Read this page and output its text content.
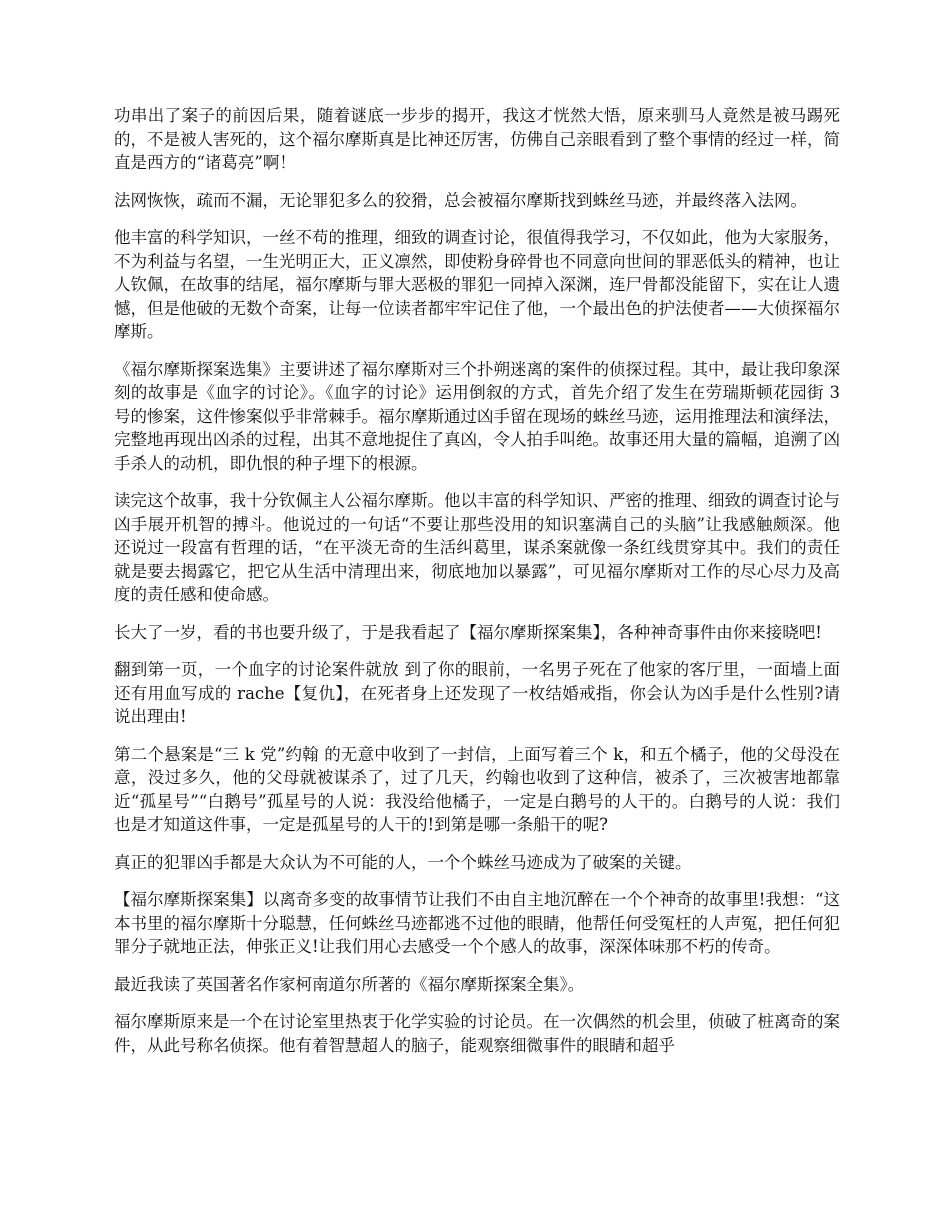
功串出了案子的前因后果，随着谜底一步步的揭开，我这才恍然大悟，原来驯马人竟然是被马踢死的，不是被人害死的，这个福尔摩斯真是比神还厉害，仿佛自己亲眼看到了整个事情的经过一样，简直是西方的“诸葛亮”啊！

法网恢恢，疏而不漏，无论罪犯多么的狡猾，总会被福尔摩斯找到蛛丝马迹，并最终落入法网。

他丰富的科学知识，一丝不苟的推理，细致的调查讨论，很值得我学习，不仅如此，他为大家服务，不为利益与名望，一生光明正大，正义凛然，即使粉身碎骨也不同意向世间的罪恶低头的精神，也让人钦佩，在故事的结尾，福尔摩斯与罪大恶极的罪犯一同掉入深渊，连尸骨都没能留下，实在让人遗憾，但是他破的无数个奇案，让每一位读者都牢牢记住了他，一个最出色的护法使者——大侦探福尔摩斯。

《福尔摩斯探案选集》主要讲述了福尔摩斯对三个扑朔迷离的案件的侦探过程。其中，最让我印象深刻的故事是《血字的讨论》。《血字的讨论》运用倒叙的方式，首先介绍了发生在劳瑞斯顿花园街 3 号的惨案，这件惨案似乎非常棘手。福尔摩斯通过凶手留在现场的蛛丝马迹，运用推理法和演绎法，完整地再现出凶杀的过程，出其不意地捉住了真凶，令人拍手叫绝。故事还用大量的篇幅，追溯了凶手杀人的动机，即仇恨的种子埋下的根源。

读完这个故事，我十分钦佩主人公福尔摩斯。他以丰富的科学知识、严密的推理、细致的调查讨论与凶手展开机智的搏斗。他说过的一句话“不要让那些没用的知识塞满自己的头脑”让我感触颇深。他还说过一段富有哲理的话，“在平淡无奇的生活纠葛里，谋杀案就像一条红线贯穿其中。我们的责任就是要去揭露它，把它从生活中清理出来，彻底地加以暴露”，可见福尔摩斯对工作的尽心尽力及高度的责任感和使命感。

长大了一岁，看的书也要升级了，于是我看起了【福尔摩斯探案集】，各种神奇事件由你来接晓吧!

翻到第一页，一个血字的讨论案件就放 到了你的眼前，一名男子死在了他家的客厅里，一面墙上面还有用血写成的 rache【复仇】，在死者身上还发现了一枚结婚戒指，你会认为凶手是什么性别?请说出理由!

第二个悬案是“三 k 党”约翰 的无意中收到了一封信，上面写着三个 k，和五个橘子，他的父母没在意，没过多久，他的父母就被谋杀了，过了几天，约翰也收到了这种信，被杀了，三次被害地都靠近“孤星号”“白鹅号”孤星号的人说：我没给他橘子，一定是白鹅号的人干的。白鹅号的人说：我们也是才知道这件事，一定是孤星号的人干的!到第是哪一条船干的呢?

真正的犯罪凶手都是大众认为不可能的人，一个个蛛丝马迹成为了破案的关键。

【福尔摩斯探案集】以离奇多变的故事情节让我们不由自主地沉醉在一个个神奇的故事里!我想：“这本书里的福尔摩斯十分聪慧，任何蛛丝马迹都逃不过他的眼睛，他帮任何受冤枉的人声冤，把任何犯罪分子就地正法，伸张正义!让我们用心去感受一个个感人的故事，深深体味那不朽的传奇。

最近我读了英国著名作家柯南道尔所著的《福尔摩斯探案全集》。

福尔摩斯原来是一个在讨论室里热衷于化学实验的讨论员。在一次偶然的机会里，侦破了桩离奇的案件，从此号称名侦探。他有着智慧超人的脑子，能观察细微事件的眼睛和超乎
